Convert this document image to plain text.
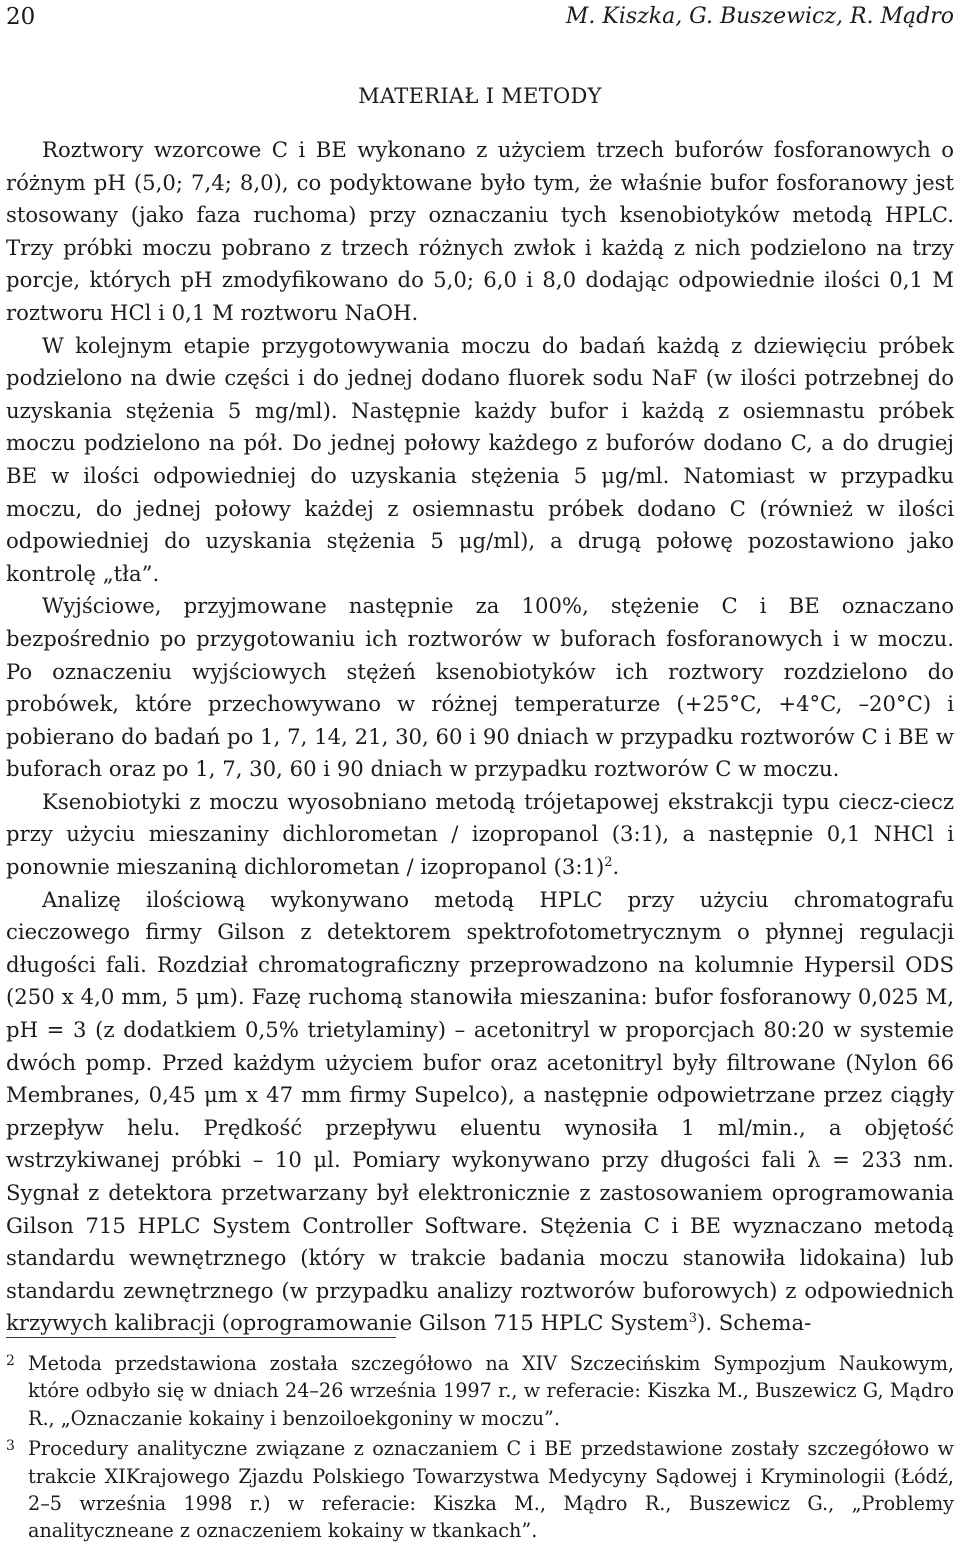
20	M. Kiszka, G. Buszewicz, R. Mądro
MATERIAŁ I METODY

Roztwory wzorcowe C i BE wykonano z użyciem trzech buforów fosforanowych o różnym pH (5,0; 7,4; 8,0), co podyktowane było tym, że właśnie bufor fosforanowy jest stosowany (jako faza ruchoma) przy oznaczaniu tych ksenobiotyków metodą HPLC. Trzy próbki moczu pobrano z trzech różnych zwłok i każdą z nich podzielono na trzy porcje, których pH zmodyfikowano do 5,0; 6,0 i 8,0 dodając odpowiednie ilości 0,1 M roztworu HCl i 0,1 M roztworu NaOH.

W kolejnym etapie przygotowywania moczu do badań każdą z dziewięciu próbek podzielono na dwie części i do jednej dodano fluorek sodu NaF (w ilości potrzebnej do uzyskania stężenia 5 mg/ml). Następnie każdy bufor i każdą z osiemnastu próbek moczu podzielono na pół. Do jednej połowy każdego z buforów dodano C, a do drugiej BE w ilości odpowiedniej do uzyskania stężenia 5 μg/ml. Natomiast w przypadku moczu, do jednej połowy każdej z osiemnastu próbek dodano C (również w ilości odpowiedniej do uzyskania stężenia 5 μg/ml), a drugą połowę pozostawiono jako kontrolę „tła”.

Wyjściowe, przyjmowane następnie za 100%, stężenie C i BE oznaczano bezpośrednio po przygotowaniu ich roztworów w buforach fosforanowych i w moczu. Po oznaczeniu wyjściowych stężeń ksenobiotyków ich roztwory rozdzielono do probówek, które przechowywano w różnej temperaturze (+25°C, +4°C, –20°C) i pobierano do badań po 1, 7, 14, 21, 30, 60 i 90 dniach w przypadku roztworów C i BE w buforach oraz po 1, 7, 30, 60 i 90 dniach w przypadku roztworów C w moczu.

Ksenobiotyki z moczu wyosobniano metodą trójetapowej ekstrakcji typu ciecz-ciecz przy użyciu mieszaniny dichlorometan / izopropanol (3:1), a następnie 0,1 NHCl i ponownie mieszaniną dichlorometan / izopropanol (3:1)$^2$.

Analizę ilościową wykonywano metodą HPLC przy użyciu chromatografu cieczowego firmy Gilson z detektorem spektrofotometrycznym o płynnej regulacji długości fali. Rozdział chromatograficzny przeprowadzono na kolumnie Hypersil ODS (250 x 4,0 mm, 5 μm). Fazę ruchomą stanowiła mieszanina: bufor fosforanowy 0,025 M, pH = 3 (z dodatkiem 0,5% trietylaminy) – acetonitryl w proporcjach 80:20 w systemie dwóch pomp. Przed każdym użyciem bufor oraz acetonitryl były filtrowane (Nylon 66 Membranes, 0,45 μm x 47 mm firmy Supelco), a następnie odpowietrzane przez ciągły przepływ helu. Prędkość przepływu eluentu wynosiła 1 ml/min., a objętość wstrzykiwanej próbki – 10 μl. Pomiary wykonywano przy długości fali λ = 233 nm. Sygnał z detektora przetwarzany był elektronicznie z zastosowaniem oprogramowania Gilson 715 HPLC System Controller Software. Stężenia C i BE wyznaczano metodą standardu wewnętrznego (który w trakcie badania moczu stanowiła lidokaina) lub standardu zewnętrznego (w przypadku analizy roztworów buforowych) z odpowiednich krzywych kalibracji (oprogramowanie Gilson 715 HPLC System$^3$). Schema-

2 Metoda przedstawiona została szczegółowo na XIV Szczecińskim Sympozjum Naukowym, które odbyło się w dniach 24–26 września 1997 r., w referacie: Kiszka M., Buszewicz G, Mądro R., „Oznaczanie kokainy i benzoiloekgoniny w moczu”.
3 Procedury analityczne związane z oznaczaniem C i BE przedstawione zostały szczegółowo w trakcie XIKrajowego Zjazdu Polskiego Towarzystwa Medycyny Sądowej i Kryminologii (Łódź, 2–5 września 1998 r.) w referacie: Kiszka M., Mądro R., Buszewicz G., „Problemy analityczneane z oznaczeniem kokainy w tkankach”.
